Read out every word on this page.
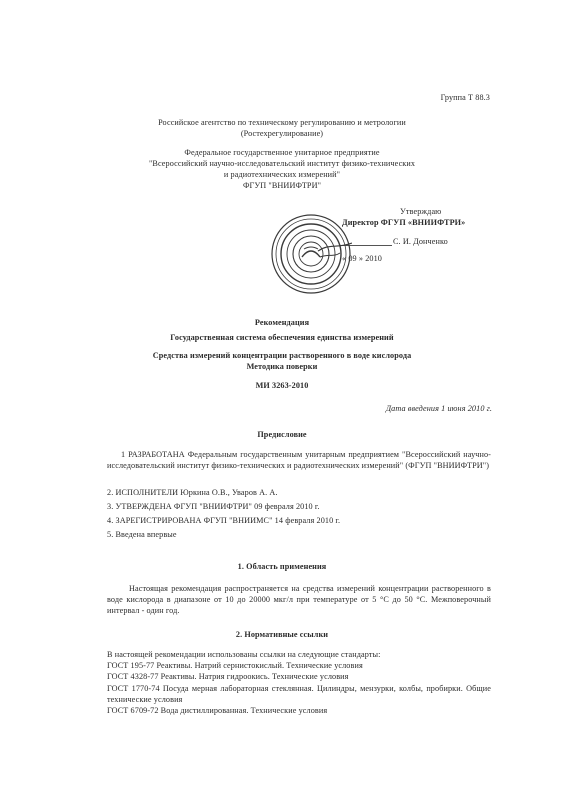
Группа Т 88.3
Российское агентство по техническому регулированию и метрологии
(Ростехрегулирование)
Федеральное государственное унитарное предприятие
"Всероссийский научно-исследовательский институт физико-технических
и радиотехнических измерений"
ФГУП "ВНИИФТРИ"
Утверждаю
Директор ФГУП «ВНИИФТРИ»
С. И. Донченко
« 09 » 2010
Рекомендация
Государственная система обеспечения единства измерений
Средства измерений концентрации растворенного в воде кислорода
Методика поверки
МИ 3263-2010
Дата введения 1 июня 2010 г.
Предисловие
1 РАЗРАБОТАНА Федеральным государственным унитарным предприятием "Всероссийский научно-исследовательский институт физико-технических и радиотехнических измерений" (ФГУП "ВНИИФТРИ")
2. ИСПОЛНИТЕЛИ Юркина О.В., Уваров А. А.
3. УТВЕРЖДЕНА ФГУП "ВНИИФТРИ" 09 февраля 2010 г.
4. ЗАРЕГИСТРИРОВАНА ФГУП "ВНИИМС" 14 февраля 2010 г.
5. Введена впервые
1. Область применения
Настоящая рекомендация распространяется на средства измерений концентрации растворенного в воде кислорода в диапазоне от 10 до 20000 мкг/л при температуре от 5 °С до 50 °С. Межповерочный интервал - один год.
2. Нормативные ссылки
В настоящей рекомендации использованы ссылки на следующие стандарты:
ГОСТ 195-77 Реактивы. Натрий сернистокислый. Технические условия
ГОСТ 4328-77 Реактивы. Натрия гидроокись. Технические условия
ГОСТ 1770-74 Посуда мерная лабораторная стеклянная. Цилиндры, мензурки, колбы, пробирки. Общие технические условия
ГОСТ 6709-72 Вода дистиллированная. Технические условия
